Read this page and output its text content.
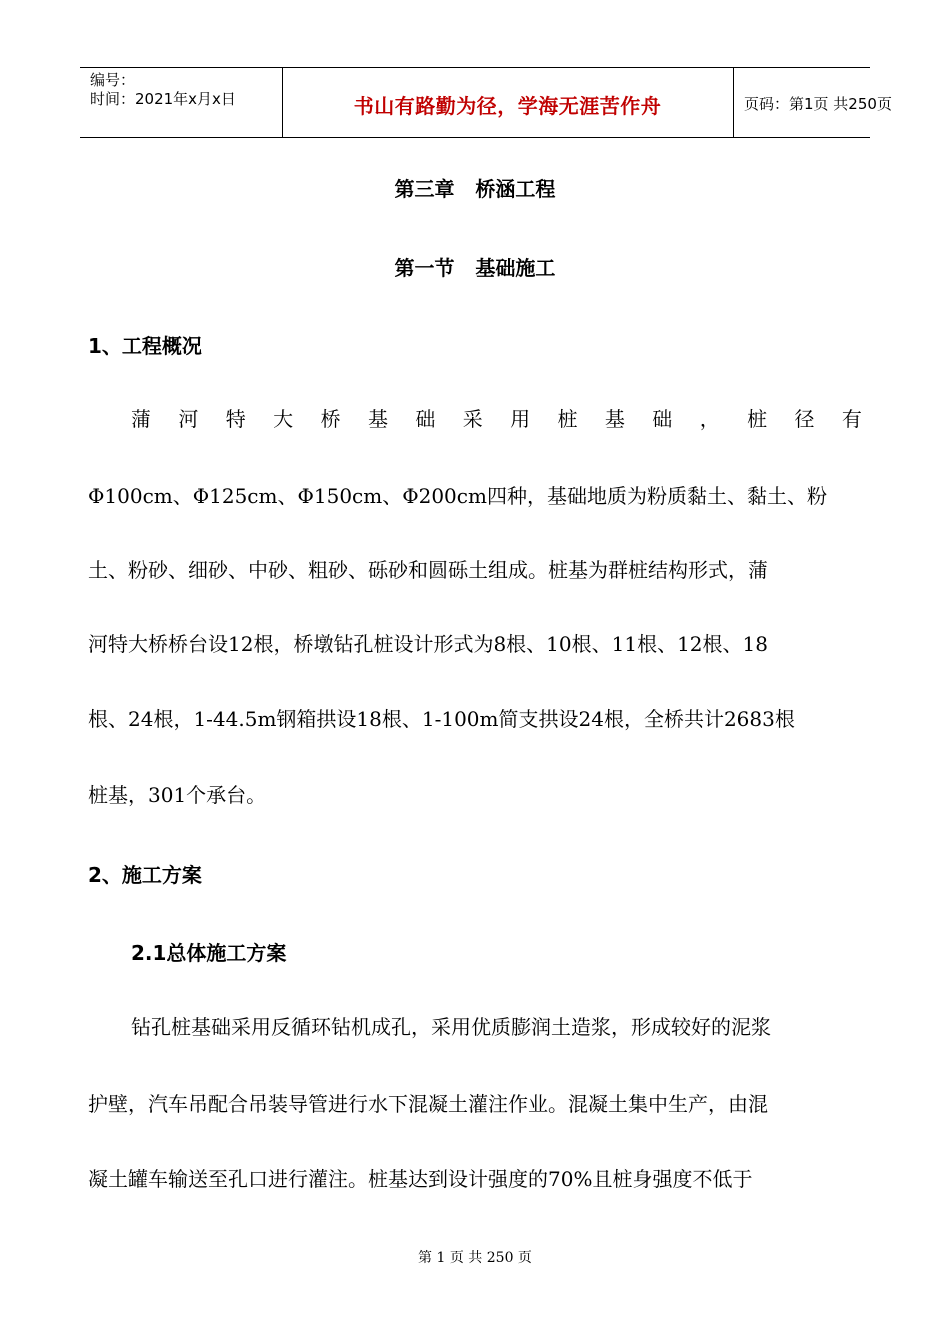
编号：
时间：2021年x月x日	书山有路勤为径，学海无涯苦作舟	页码：第1页 共250页
第三章   桥涵工程
第一节   基础施工
1、工程概况
蒲 河 特 大 桥 基 础 采 用 桩 基 础 ， 桩 径 有
Φ100cm、Φ125cm、Φ150cm、Φ200cm四种，基础地质为粉质黏土、黏土、粉
土、粉砂、细砂、中砂、粗砂、砾砂和圆砾土组成。桩基为群桩结构形式，蒲
河特大桥桥台设12根，桥墩钻孔桩设计形式为8根、10根、11根、12根、18
根、24根，1-44.5m钢箱拱设18根、1-100m简支拱设24根，全桥共计2683根
桩基，301个承台。
2、施工方案
2.1总体施工方案
钻孔桩基础采用反循环钻机成孔，采用优质膨润土造浆，形成较好的泥浆
护壁，汽车吊配合吊装导管进行水下混凝土灌注作业。混凝土集中生产，由混
凝土罐车输送至孔口进行灌注。桩基达到设计强度的70%且桩身强度不低于
第 1 页 共 250 页
